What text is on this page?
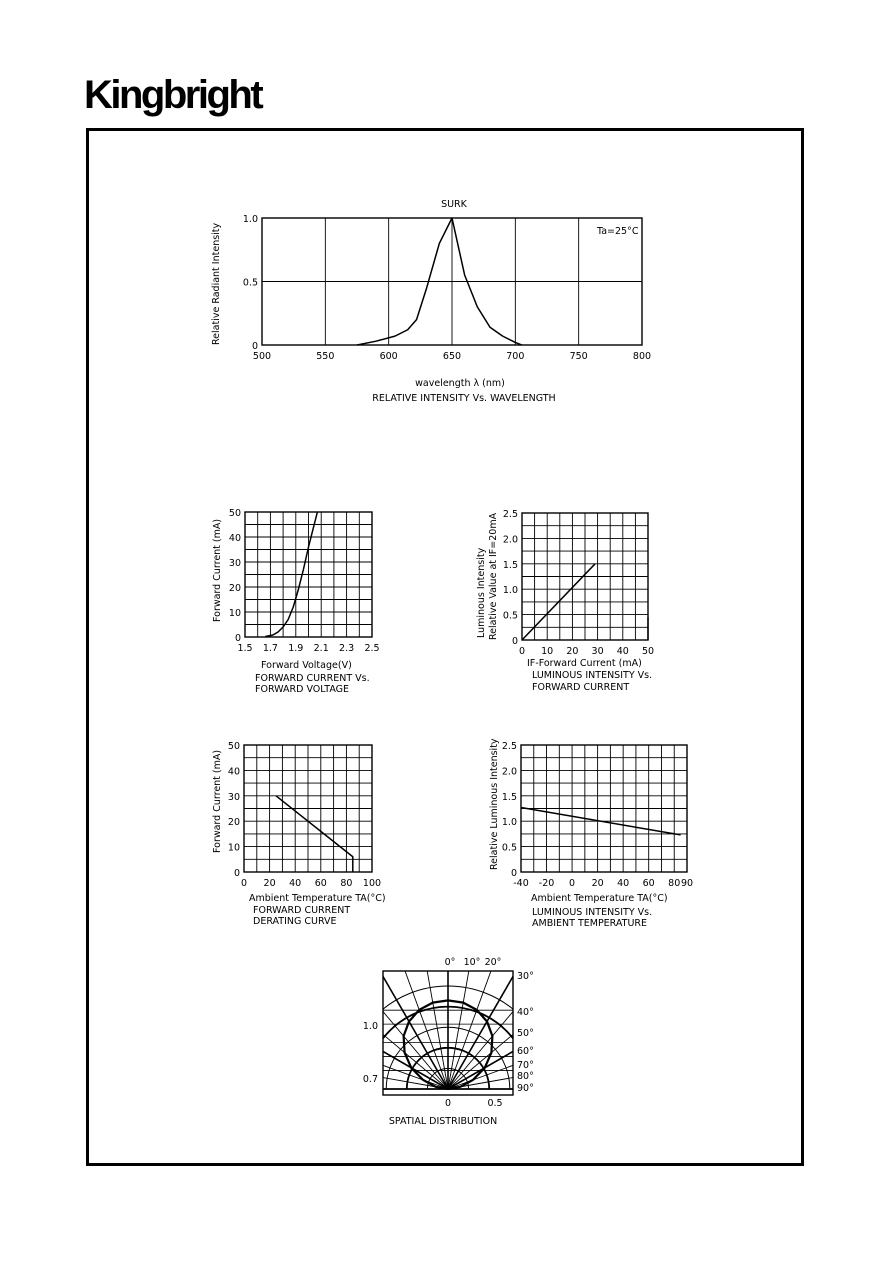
Kingbright
500	550	600	650	700	750	800
0
0.5
1.0
SURK
Ta=25°C
wavelength λ (nm)
RELATIVE INTENSITY Vs. WAVELENGTH
Relative Radiant Intensity
1.5 1.7 1.9 2.1 2.3 2.5
0
10
20
30
40
50
Forward Voltage(V)
FORWARD CURRENT Vs.
FORWARD VOLTAGE
Forward Current (mA)
0 10 20 30 40 50
0
0.5
1.0
1.5
2.0
2.5
IF-Forward Current (mA)
LUMINOUS INTENSITY Vs.
FORWARD CURRENT
Luminous Intensity Relative Value at IF=20mA
0 20 40 60 80 100
0
10
20
30
40
50
Ambient Temperature TA(°C)
FORWARD CURRENT
DERATING CURVE
Forward Current (mA)
-40 -20 0 20 40 60 80 90
0
0.5
1.0
1.5
2.0
2.5
Ambient Temperature TA(°C)
LUMINOUS INTENSITY Vs.
AMBIENT TEMPERATURE
Relative Luminous Intensity
0° 10° 20°
30°
40°
50°
60°
70°
80°
90°
1.0
0.7
0	0.5
SPATIAL DISTRIBUTION
